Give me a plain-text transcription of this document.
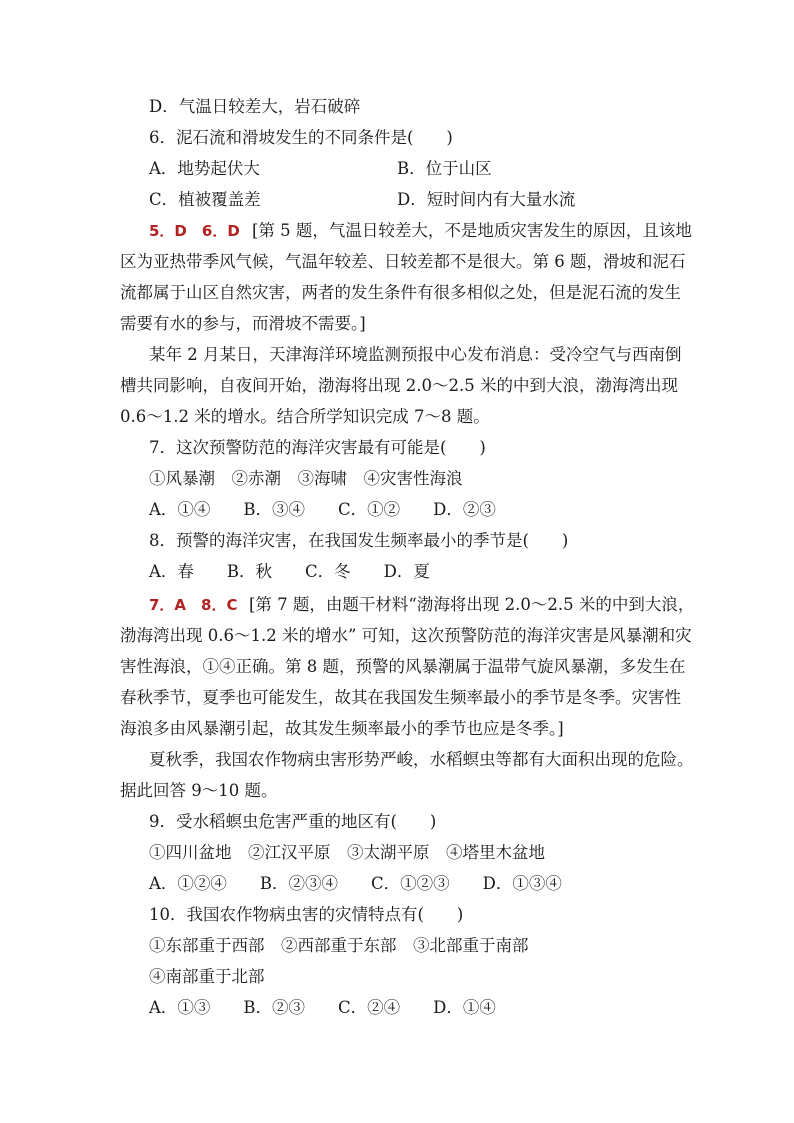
D．气温日较差大，岩石破碎
6．泥石流和滑坡发生的不同条件是(　　)
A．地势起伏大	B．位于山区
C．植被覆盖差	D．短时间内有大量水流
5．D　6．D [第 5 题，气温日较差大，不是地质灾害发生的原因，且该地
区为亚热带季风气候，气温年较差、日较差都不是很大。第 6 题，滑坡和泥石
流都属于山区自然灾害，两者的发生条件有很多相似之处，但是泥石流的发生
需要有水的参与，而滑坡不需要。]
某年 2 月某日，天津海洋环境监测预报中心发布消息：受冷空气与西南倒
槽共同影响，自夜间开始，渤海将出现 2.0～2.5 米的中到大浪，渤海湾出现
0.6～1.2 米的增水。结合所学知识完成 7～8 题。
7．这次预警防范的海洋灾害最有可能是(　　)
①风暴潮　②赤潮　③海啸　④灾害性海浪
A．①④　　B．③④　　C．①②　　D．②③
8．预警的海洋灾害，在我国发生频率最小的季节是(　　)
A．春　　B．秋　　C．冬　　D．夏
7．A　8．C [第 7 题，由题干材料“渤海将出现 2.0～2.5 米的中到大浪，
渤海湾出现 0.6～1.2 米的增水” 可知，这次预警防范的海洋灾害是风暴潮和灾
害性海浪，①④正确。第 8 题，预警的风暴潮属于温带气旋风暴潮，多发生在
春秋季节，夏季也可能发生，故其在我国发生频率最小的季节是冬季。灾害性
海浪多由风暴潮引起，故其发生频率最小的季节也应是冬季。]
夏秋季，我国农作物病虫害形势严峻，水稻螟虫等都有大面积出现的危险。
据此回答 9～10 题。
9．受水稻螟虫危害严重的地区有(　　)
①四川盆地　②江汉平原　③太湖平原　④塔里木盆地
A．①②④　　B．②③④　　C．①②③　　D．①③④
10．我国农作物病虫害的灾情特点有(　　)
①东部重于西部　②西部重于东部　③北部重于南部
④南部重于北部
A．①③　　B．②③　　C．②④　　D．①④
